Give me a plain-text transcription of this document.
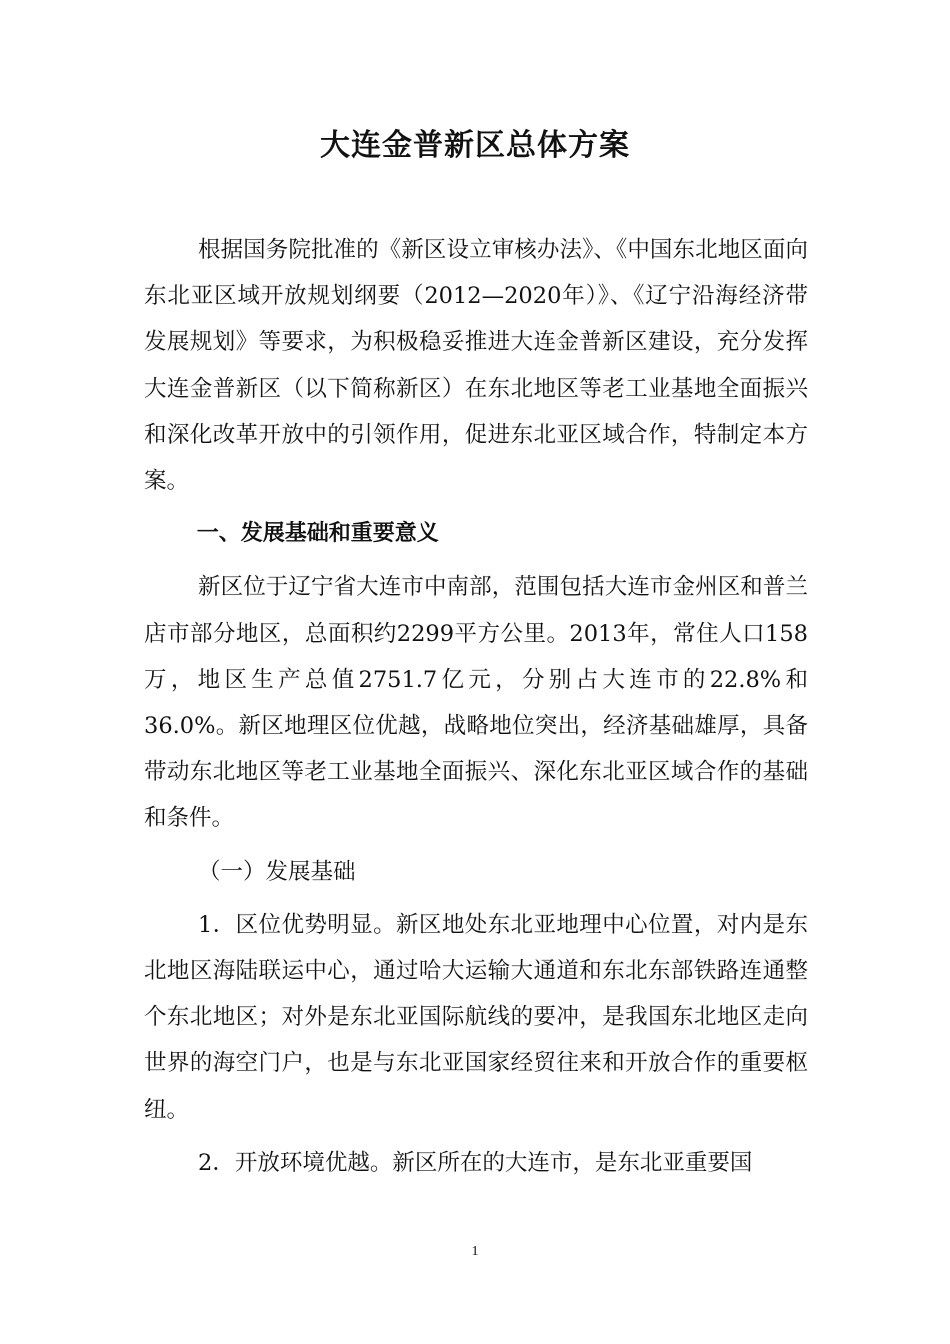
大连金普新区总体方案

根据国务院批准的《新区设立审核办法》、《中国东北地区面向东北亚区域开放规划纲要（2012—2020年）》、《辽宁沿海经济带发展规划》等要求，为积极稳妥推进大连金普新区建设，充分发挥大连金普新区（以下简称新区）在东北地区等老工业基地全面振兴和深化改革开放中的引领作用，促进东北亚区域合作，特制定本方案。

一、发展基础和重要意义

新区位于辽宁省大连市中南部，范围包括大连市金州区和普兰店市部分地区，总面积约2299平方公里。2013年，常住人口158万，地区生产总值2751.7亿元，分别占大连市的22.8%和36.0%。新区地理区位优越，战略地位突出，经济基础雄厚，具备带动东北地区等老工业基地全面振兴、深化东北亚区域合作的基础和条件。

（一）发展基础

1．区位优势明显。新区地处东北亚地理中心位置，对内是东北地区海陆联运中心，通过哈大运输大通道和东北东部铁路连通整个东北地区；对外是东北亚国际航线的要冲，是我国东北地区走向世界的海空门户，也是与东北亚国家经贸往来和开放合作的重要枢纽。

2．开放环境优越。新区所在的大连市，是东北亚重要国

1
